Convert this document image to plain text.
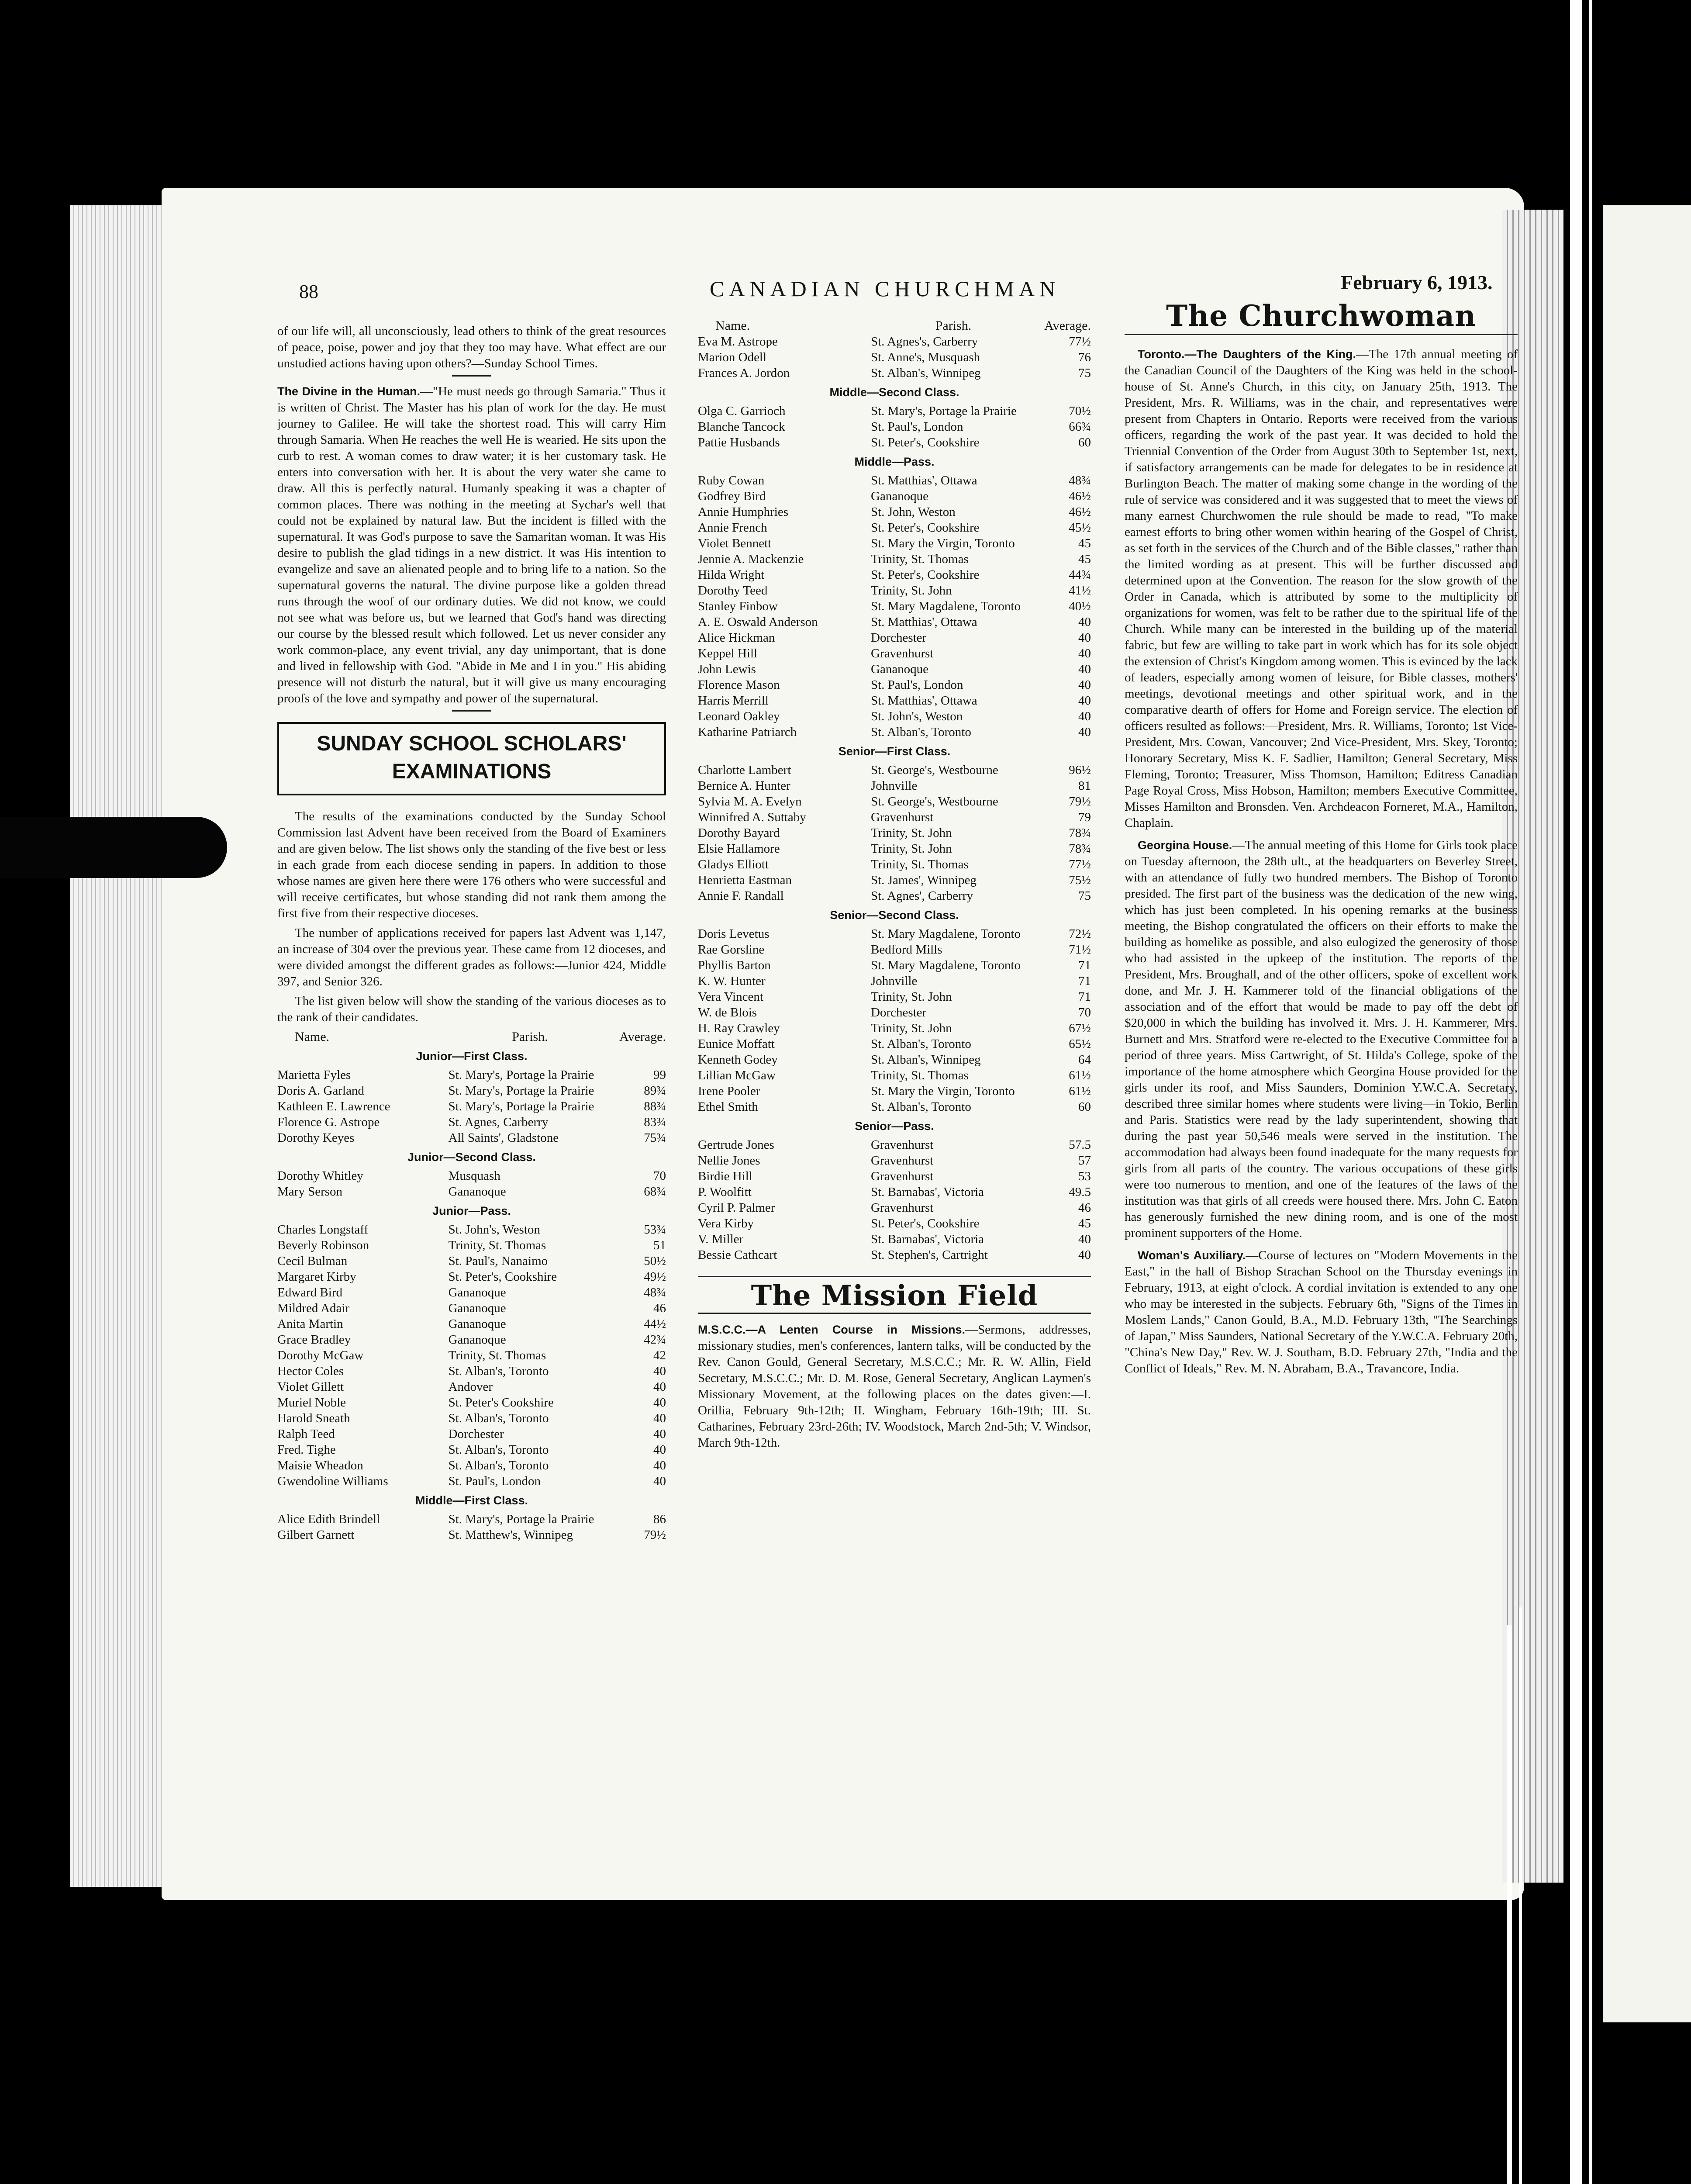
88	CANADIAN CHURCHMAN	February 6, 1913.

of our life will, all unconsciously, lead others to think of the great resources of peace, poise, power and joy that they too may have. What effect are our unstudied actions having upon others?—Sunday School Times.

The Divine in the Human.—"He must needs go through Samaria." Thus it is written of Christ. The Master has his plan of work for the day. He must journey to Galilee. He will take the shortest road. This will carry Him through Samaria. When He reaches the well He is wearied. He sits upon the curb to rest. A woman comes to draw water; it is her customary task. He enters into conversation with her. It is about the very water she came to draw. All this is perfectly natural. Humanly speaking it was a chapter of common places. There was nothing in the meeting at Sychar's well that could not be explained by natural law. But the incident is filled with the supernatural. It was God's purpose to save the Samaritan woman. It was His desire to publish the glad tidings in a new district. It was His intention to evangelize and save an alienated people and to bring life to a nation. So the supernatural governs the natural. The divine purpose like a golden thread runs through the woof of our ordinary duties. We did not know, we could not see what was before us, but we learned that God's hand was directing our course by the blessed result which followed. Let us never consider any work common-place, any event trivial, any day unimportant, that is done and lived in fellowship with God. "Abide in Me and I in you." His abiding presence will not disturb the natural, but it will give us many encouraging proofs of the love and sympathy and power of the supernatural.

SUNDAY SCHOOL SCHOLARS' EXAMINATIONS

The results of the examinations conducted by the Sunday School Commission last Advent have been received from the Board of Examiners and are given below. The list shows only the standing of the five best or less in each grade from each diocese sending in papers. In addition to those whose names are given here there were 176 others who were successful and will receive certificates, but whose standing did not rank them among the first five from their respective dioceses.

The number of applications received for papers last Advent was 1,147, an increase of 304 over the previous year. These came from 12 dioceses, and were divided amongst the different grades as follows:—Junior 424, Middle 397, and Senior 326.

The list given below will show the standing of the various dioceses as to the rank of their candidates.

Name.	Parish.	Average.
Junior—First Class.
Marietta Fyles	St. Mary's, Portage la Prairie	99
Doris A. Garland	St. Mary's, Portage la Prairie	89¾
Kathleen E. Lawrence	St. Mary's, Portage la Prairie	88¾
Florence G. Astrope	St. Agnes, Carberry	83¾
Dorothy Keyes	All Saints', Gladstone	75¾
Junior—Second Class.
Dorothy Whitley	Musquash	70
Mary Serson	Gananoque	68¾
Junior—Pass.
Charles Longstaff	St. John's, Weston	53¾
Beverly Robinson	Trinity, St. Thomas	51
Cecil Bulman	St. Paul's, Nanaimo	50½
Margaret Kirby	St. Peter's, Cookshire	49½
Edward Bird	Gananoque	48¾
Mildred Adair	Gananoque	46
Anita Martin	Gananoque	44½
Grace Bradley	Gananoque	42¾
Dorothy McGaw	Trinity, St. Thomas	42
Hector Coles	St. Alban's, Toronto	40
Violet Gillett	Andover	40
Muriel Noble	St. Peter's Cookshire	40
Harold Sneath	St. Alban's, Toronto	40
Ralph Teed	Dorchester	40
Fred. Tighe	St. Alban's, Toronto	40
Maisie Wheadon	St. Alban's, Toronto	40
Gwendoline Williams	St. Paul's, London	40
Middle—First Class.
Alice Edith Brindell	St. Mary's, Portage la Prairie	86
Gilbert Garnett	St. Matthew's, Winnipeg	79½
Name.	Parish.	Average.
Eva M. Astrope	St. Agnes's, Carberry	77½
Marion Odell	St. Anne's, Musquash	76
Frances A. Jordon	St. Alban's, Winnipeg	75
Middle—Second Class.
Olga C. Garrioch	St. Mary's, Portage la Prairie	70½
Blanche Tancock	St. Paul's, London	66¾
Pattie Husbands	St. Peter's, Cookshire	60
Middle—Pass.
Ruby Cowan	St. Matthias', Ottawa	48¾
Godfrey Bird	Gananoque	46½
Annie Humphries	St. John, Weston	46½
Annie French	St. Peter's, Cookshire	45½
Violet Bennett	St. Mary the Virgin, Toronto	45
Jennie A. Mackenzie	Trinity, St. Thomas	45
Hilda Wright	St. Peter's, Cookshire	44¾
Dorothy Teed	Trinity, St. John	41½
Stanley Finbow	St. Mary Magdalene, Toronto	40½
A. E. Oswald Anderson	St. Matthias', Ottawa	40
Alice Hickman	Dorchester	40
Keppel Hill	Gravenhurst	40
John Lewis	Gananoque	40
Florence Mason	St. Paul's, London	40
Harris Merrill	St. Matthias', Ottawa	40
Leonard Oakley	St. John's, Weston	40
Katharine Patriarch	St. Alban's, Toronto	40
Senior—First Class.
Charlotte Lambert	St. George's, Westbourne	96½
Bernice A. Hunter	Johnville	81
Sylvia M. A. Evelyn	St. George's, Westbourne	79½
Winnifred A. Suttaby	Gravenhurst	79
Dorothy Bayard	Trinity, St. John	78¾
Elsie Hallamore	Trinity, St. John	78¾
Gladys Elliott	Trinity, St. Thomas	77½
Henrietta Eastman	St. James', Winnipeg	75½
Annie F. Randall	St. Agnes', Carberry	75
Senior—Second Class.
Doris Levetus	St. Mary Magdalene, Toronto	72½
Rae Gorsline	Bedford Mills	71½
Phyllis Barton	St. Mary Magdalene, Toronto	71
K. W. Hunter	Johnville	71
Vera Vincent	Trinity, St. John	71
W. de Blois	Dorchester	70
H. Ray Crawley	Trinity, St. John	67½
Eunice Moffatt	St. Alban's, Toronto	65½
Kenneth Godey	St. Alban's, Winnipeg	64
Lillian McGaw	Trinity, St. Thomas	61½
Irene Pooler	St. Mary the Virgin, Toronto	61½
Ethel Smith	St. Alban's, Toronto	60
Senior—Pass.
Gertrude Jones	Gravenhurst	57.5
Nellie Jones	Gravenhurst	57
Birdie Hill	Gravenhurst	53
P. Woolfitt	St. Barnabas', Victoria	49.5
Cyril P. Palmer	Gravenhurst	46
Vera Kirby	St. Peter's, Cookshire	45
V. Miller	St. Barnabas', Victoria	40
Bessie Cathcart	St. Stephen's, Cartright	40
The Mission Field

M.S.C.C.—A Lenten Course in Missions.—Sermons, addresses, missionary studies, men's conferences, lantern talks, will be conducted by the Rev. Canon Gould, General Secretary, M.S.C.C.; Mr. R. W. Allin, Field Secretary, M.S.C.C.; Mr. D. M. Rose, General Secretary, Anglican Laymen's Missionary Movement, at the following places on the dates given:—I. Orillia, February 9th-12th; II. Wingham, February 16th-19th; III. St. Catharines, February 23rd-26th; IV. Woodstock, March 2nd-5th; V. Windsor, March 9th-12th.

The Churchwoman

Toronto.—The Daughters of the King.—The 17th annual meeting of the Canadian Council of the Daughters of the King was held in the school-house of St. Anne's Church, in this city, on January 25th, 1913. The President, Mrs. R. Williams, was in the chair, and representatives were present from Chapters in Ontario. Reports were received from the various officers, regarding the work of the past year. It was decided to hold the Triennial Convention of the Order from August 30th to September 1st, next, if satisfactory arrangements can be made for delegates to be in residence at Burlington Beach. The matter of making some change in the wording of the rule of service was considered and it was suggested that to meet the views of many earnest Churchwomen the rule should be made to read, "To make earnest efforts to bring other women within hearing of the Gospel of Christ, as set forth in the services of the Church and of the Bible classes," rather than the limited wording as at present. This will be further discussed and determined upon at the Convention. The reason for the slow growth of the Order in Canada, which is attributed by some to the multiplicity of organizations for women, was felt to be rather due to the spiritual life of the Church. While many can be interested in the building up of the material fabric, but few are willing to take part in work which has for its sole object the extension of Christ's Kingdom among women. This is evinced by the lack of leaders, especially among women of leisure, for Bible classes, mothers' meetings, devotional meetings and other spiritual work, and in the comparative dearth of offers for Home and Foreign service. The election of officers resulted as follows:—President, Mrs. R. Williams, Toronto; 1st Vice-President, Mrs. Cowan, Vancouver; 2nd Vice-President, Mrs. Skey, Toronto; Honorary Secretary, Miss K. F. Sadlier, Hamilton; General Secretary, Miss Fleming, Toronto; Treasurer, Miss Thomson, Hamilton; Editress Canadian Page Royal Cross, Miss Hobson, Hamilton; members Executive Committee, Misses Hamilton and Bronsden. Ven. Archdeacon Forneret, M.A., Hamilton, Chaplain.

Georgina House.—The annual meeting of this Home for Girls took place on Tuesday afternoon, the 28th ult., at the headquarters on Beverley Street, with an attendance of fully two hundred members. The Bishop of Toronto presided. The first part of the business was the dedication of the new wing, which has just been completed. In his opening remarks at the business meeting, the Bishop congratulated the officers on their efforts to make the building as homelike as possible, and also eulogized the generosity of those who had assisted in the upkeep of the institution. The reports of the President, Mrs. Broughall, and of the other officers, spoke of excellent work done, and Mr. J. H. Kammerer told of the financial obligations of the association and of the effort that would be made to pay off the debt of $20,000 in which the building has involved it. Mrs. J. H. Kammerer, Mrs. Burnett and Mrs. Stratford were re-elected to the Executive Committee for a period of three years. Miss Cartwright, of St. Hilda's College, spoke of the importance of the home atmosphere which Georgina House provided for the girls under its roof, and Miss Saunders, Dominion Y.W.C.A. Secretary, described three similar homes where students were living—in Tokio, Berlin and Paris. Statistics were read by the lady superintendent, showing that during the past year 50,546 meals were served in the institution. The accommodation had always been found inadequate for the many requests for girls from all parts of the country. The various occupations of these girls were too numerous to mention, and one of the features of the laws of the institution was that girls of all creeds were housed there. Mrs. John C. Eaton has generously furnished the new dining room, and is one of the most prominent supporters of the Home.

Woman's Auxiliary.—Course of lectures on "Modern Movements in the East," in the hall of Bishop Strachan School on the Thursday evenings in February, 1913, at eight o'clock. A cordial invitation is extended to any one who may be interested in the subjects. February 6th, "Signs of the Times in Moslem Lands," Canon Gould, B.A., M.D. February 13th, "The Searchings of Japan," Miss Saunders, National Secretary of the Y.W.C.A. February 20th, "China's New Day," Rev. W. J. Southam, B.D. February 27th, "India and the Conflict of Ideals," Rev. M. N. Abraham, B.A., Travancore, India.
